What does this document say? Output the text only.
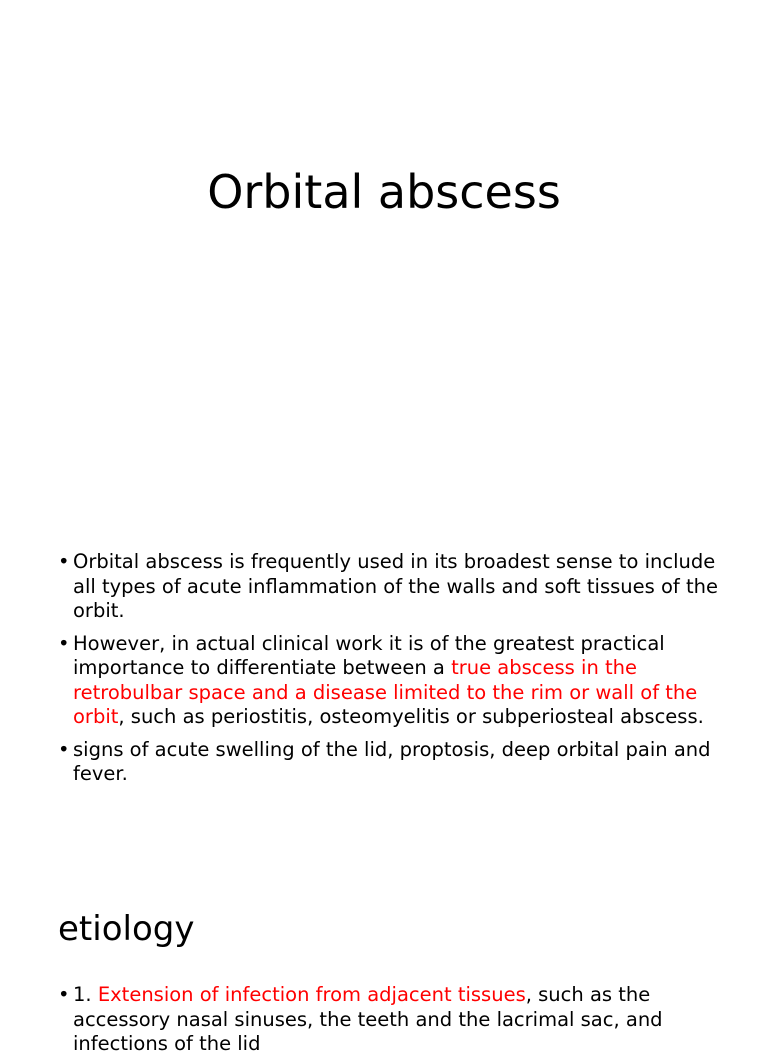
Orbital abscess
• Orbital abscess is frequently used in its broadest sense to include all types of acute inflammation of the walls and soft tissues of the orbit.
• However, in actual clinical work it is of the greatest practical importance to differentiate between a true abscess in the retrobulbar space and a disease limited to the rim or wall of the orbit, such as periostitis, osteomyelitis or subperiosteal abscess.
• signs of acute swelling of the lid, proptosis, deep orbital pain and fever.
etiology
• 1. Extension of infection from adjacent tissues, such as the accessory nasal sinuses, the teeth and the lacrimal sac, and infections of the lid
